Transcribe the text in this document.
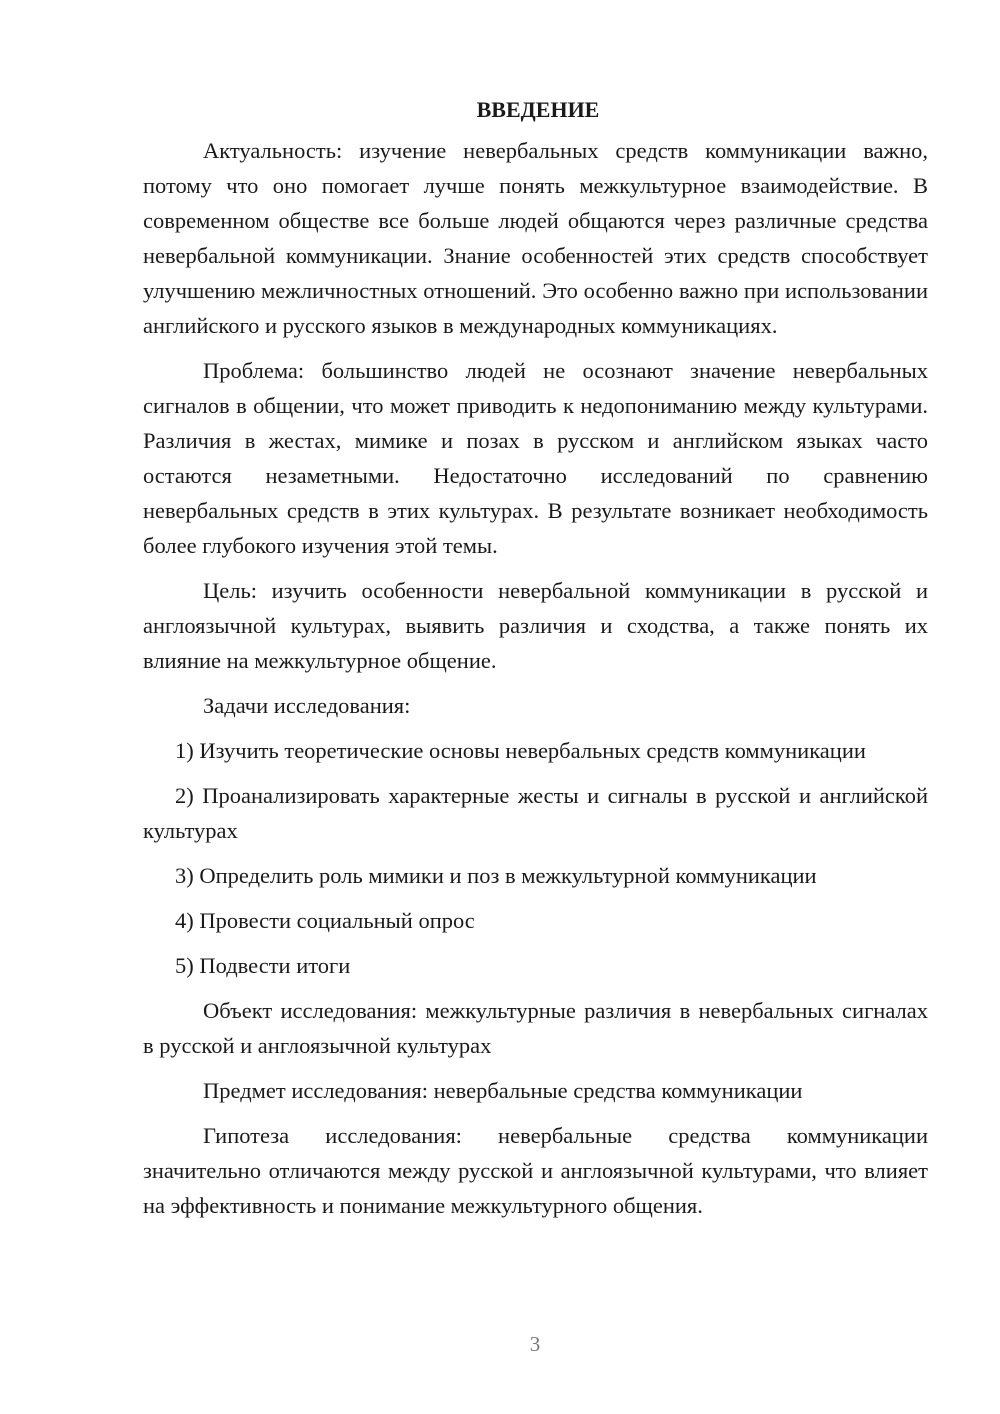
ВВЕДЕНИЕ

Актуальность: изучение невербальных средств коммуникации важно, потому что оно помогает лучше понять межкультурное взаимодействие. В современном обществе все больше людей общаются через различные средства невербальной коммуникации. Знание особенностей этих средств способствует улучшению межличностных отношений. Это особенно важно при использовании английского и русского языков в международных коммуникациях.

Проблема: большинство людей не осознают значение невербальных сигналов в общении, что может приводить к недопониманию между культурами. Различия в жестах, мимике и позах в русском и английском языках часто остаются незаметными. Недостаточно исследований по сравнению невербальных средств в этих культурах. В результате возникает необходимость более глубокого изучения этой темы.

Цель: изучить особенности невербальной коммуникации в русской и англоязычной культурах, выявить различия и сходства, а также понять их влияние на межкультурное общение.

Задачи исследования:

1) Изучить теоретические основы невербальных средств коммуникации
2) Проанализировать характерные жесты и сигналы в русской и английской культурах
3) Определить роль мимики и поз в межкультурной коммуникации
4) Провести социальный опрос
5) Подвести итоги

Объект исследования: межкультурные различия в невербальных сигналах в русской и англоязычной культурах

Предмет исследования: невербальные средства коммуникации

Гипотеза исследования: невербальные средства коммуникации значительно отличаются между русской и англоязычной культурами, что влияет на эффективность и понимание межкультурного общения.

3
